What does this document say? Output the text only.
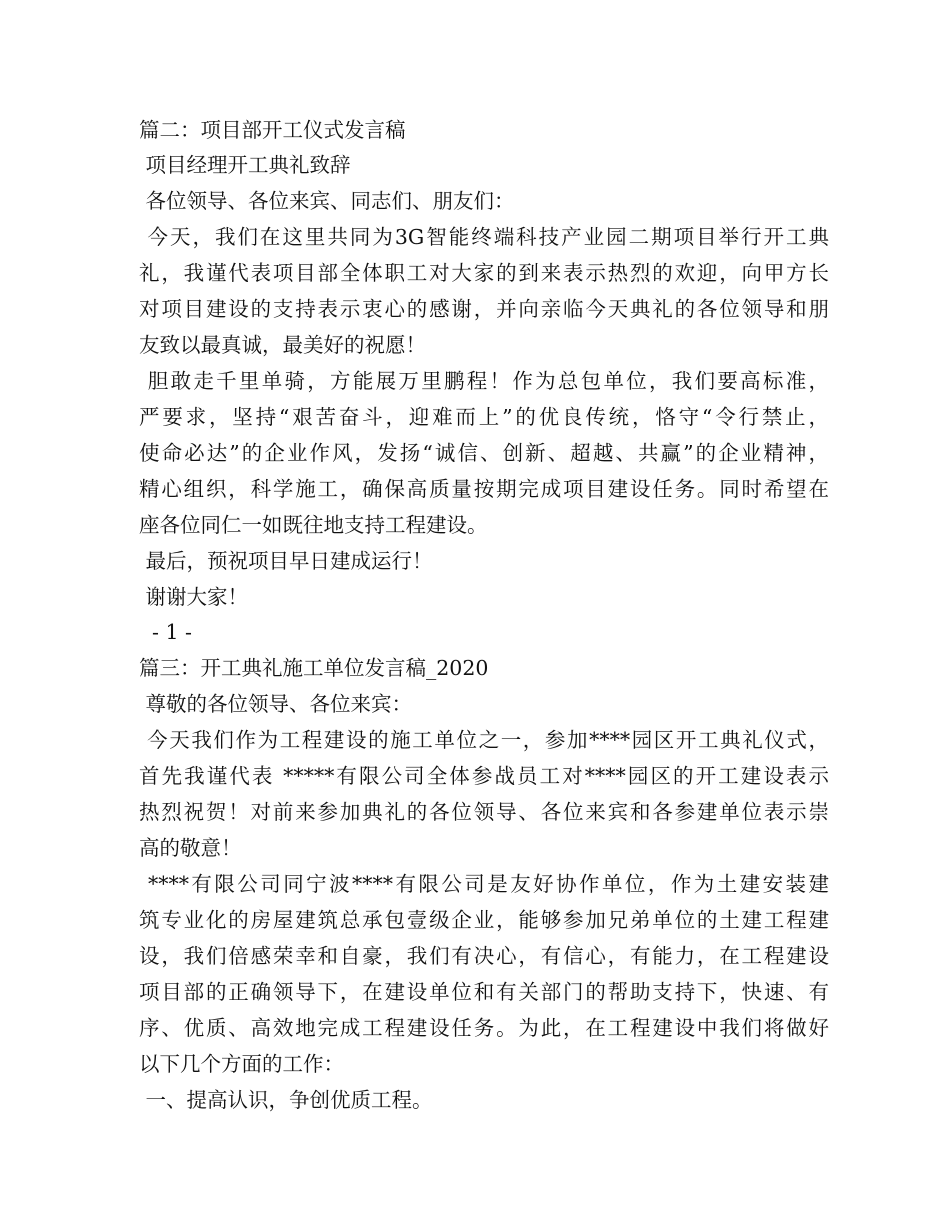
篇二：项目部开工仪式发言稿
项目经理开工典礼致辞
各位领导、各位来宾、同志们、朋友们：
今天，我们在这里共同为3G智能终端科技产业园二期项目举行开工典
礼，我谨代表项目部全体职工对大家的到来表示热烈的欢迎，向甲方长
对项目建设的支持表示衷心的感谢，并向亲临今天典礼的各位领导和朋
友致以最真诚，最美好的祝愿！
胆敢走千里单骑，方能展万里鹏程！作为总包单位，我们要高标准，
严要求，坚持“艰苦奋斗，迎难而上”的优良传统，恪守“令行禁止，
使命必达”的企业作风，发扬“诚信、创新、超越、共赢”的企业精神，
精心组织，科学施工，确保高质量按期完成项目建设任务。同时希望在
座各位同仁一如既往地支持工程建设。
最后，预祝项目早日建成运行！
谢谢大家！
- 1 -
篇三：开工典礼施工单位发言稿_2020
尊敬的各位领导、各位来宾：
今天我们作为工程建设的施工单位之一，参加****园区开工典礼仪式，
首先我谨代表 *****有限公司全体参战员工对****园区的开工建设表示
热烈祝贺！对前来参加典礼的各位领导、各位来宾和各参建单位表示崇
高的敬意！
****有限公司同宁波****有限公司是友好协作单位，作为土建安装建
筑专业化的房屋建筑总承包壹级企业，能够参加兄弟单位的土建工程建
设，我们倍感荣幸和自豪，我们有决心，有信心，有能力，在工程建设
项目部的正确领导下，在建设单位和有关部门的帮助支持下，快速、有
序、优质、高效地完成工程建设任务。为此，在工程建设中我们将做好
以下几个方面的工作：
一、提高认识，争创优质工程。
